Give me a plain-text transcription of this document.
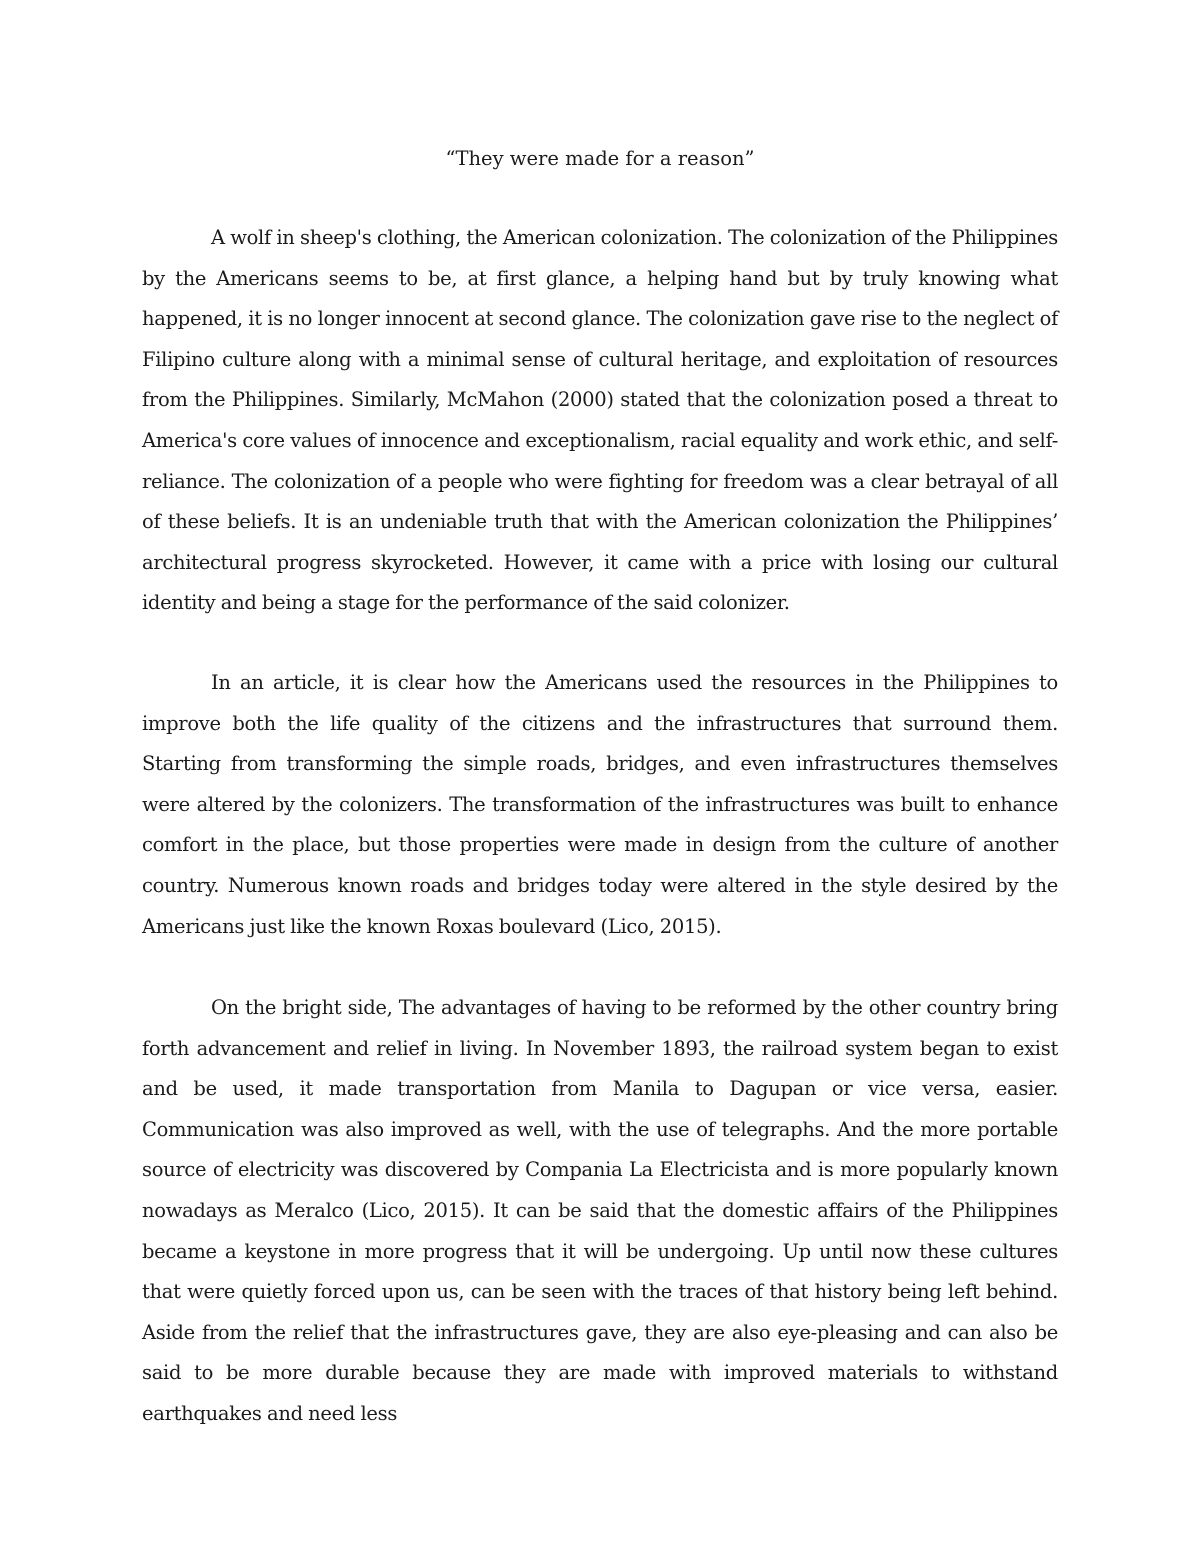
“They were made for a reason”

A wolf in sheep's clothing, the American colonization. The colonization of the Philippines by the Americans seems to be, at first glance, a helping hand but by truly knowing what happened, it is no longer innocent at second glance. The colonization gave rise to the neglect of Filipino culture along with a minimal sense of cultural heritage, and exploitation of resources from the Philippines. Similarly, McMahon (2000) stated that the colonization posed a threat to America's core values of innocence and exceptionalism, racial equality and work ethic, and self-reliance. The colonization of a people who were fighting for freedom was a clear betrayal of all of these beliefs. It is an undeniable truth that with the American colonization the Philippines’ architectural progress skyrocketed. However, it came with a price with losing our cultural identity and being a stage for the performance of the said colonizer.

In an article, it is clear how the Americans used the resources in the Philippines to improve both the life quality of the citizens and the infrastructures that surround them. Starting from transforming the simple roads, bridges, and even infrastructures themselves were altered by the colonizers. The transformation of the infrastructures was built to enhance comfort in the place, but those properties were made in design from the culture of another country. Numerous known roads and bridges today were altered in the style desired by the Americans just like the known Roxas boulevard (Lico, 2015).

On the bright side, The advantages of having to be reformed by the other country bring forth advancement and relief in living. In November 1893, the railroad system began to exist and be used, it made transportation from Manila to Dagupan or vice versa, easier. Communication was also improved as well, with the use of telegraphs. And the more portable source of electricity was discovered by Compania La Electricista and is more popularly known nowadays as Meralco (Lico, 2015). It can be said that the domestic affairs of the Philippines became a keystone in more progress that it will be undergoing. Up until now these cultures that were quietly forced upon us, can be seen with the traces of that history being left behind. Aside from the relief that the infrastructures gave, they are also eye-pleasing and can also be said to be more durable because they are made with improved materials to withstand earthquakes and need less
